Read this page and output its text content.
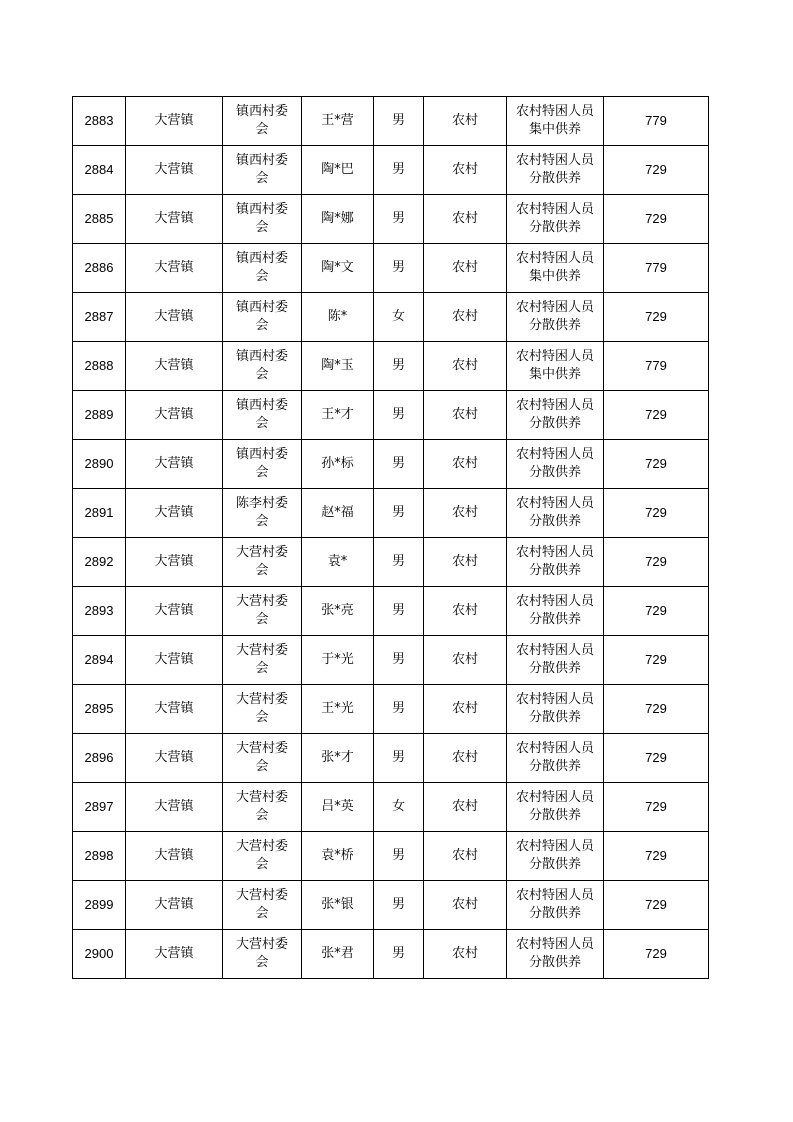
2883	大营镇	镇西村委
会	王*营	男	农村	农村特困人员
集中供养	779
2884	大营镇	镇西村委
会	陶*巴	男	农村	农村特困人员
分散供养	729
2885	大营镇	镇西村委
会	陶*娜	男	农村	农村特困人员
分散供养	729
2886	大营镇	镇西村委
会	陶*文	男	农村	农村特困人员
集中供养	779
2887	大营镇	镇西村委
会	陈*	女	农村	农村特困人员
分散供养	729
2888	大营镇	镇西村委
会	陶*玉	男	农村	农村特困人员
集中供养	779
2889	大营镇	镇西村委
会	王*才	男	农村	农村特困人员
分散供养	729
2890	大营镇	镇西村委
会	孙*标	男	农村	农村特困人员
分散供养	729
2891	大营镇	陈李村委
会	赵*福	男	农村	农村特困人员
分散供养	729
2892	大营镇	大营村委
会	袁*	男	农村	农村特困人员
分散供养	729
2893	大营镇	大营村委
会	张*亮	男	农村	农村特困人员
分散供养	729
2894	大营镇	大营村委
会	于*光	男	农村	农村特困人员
分散供养	729
2895	大营镇	大营村委
会	王*光	男	农村	农村特困人员
分散供养	729
2896	大营镇	大营村委
会	张*才	男	农村	农村特困人员
分散供养	729
2897	大营镇	大营村委
会	吕*英	女	农村	农村特困人员
分散供养	729
2898	大营镇	大营村委
会	袁*桥	男	农村	农村特困人员
分散供养	729
2899	大营镇	大营村委
会	张*银	男	农村	农村特困人员
分散供养	729
2900	大营镇	大营村委
会	张*君	男	农村	农村特困人员
分散供养	729
